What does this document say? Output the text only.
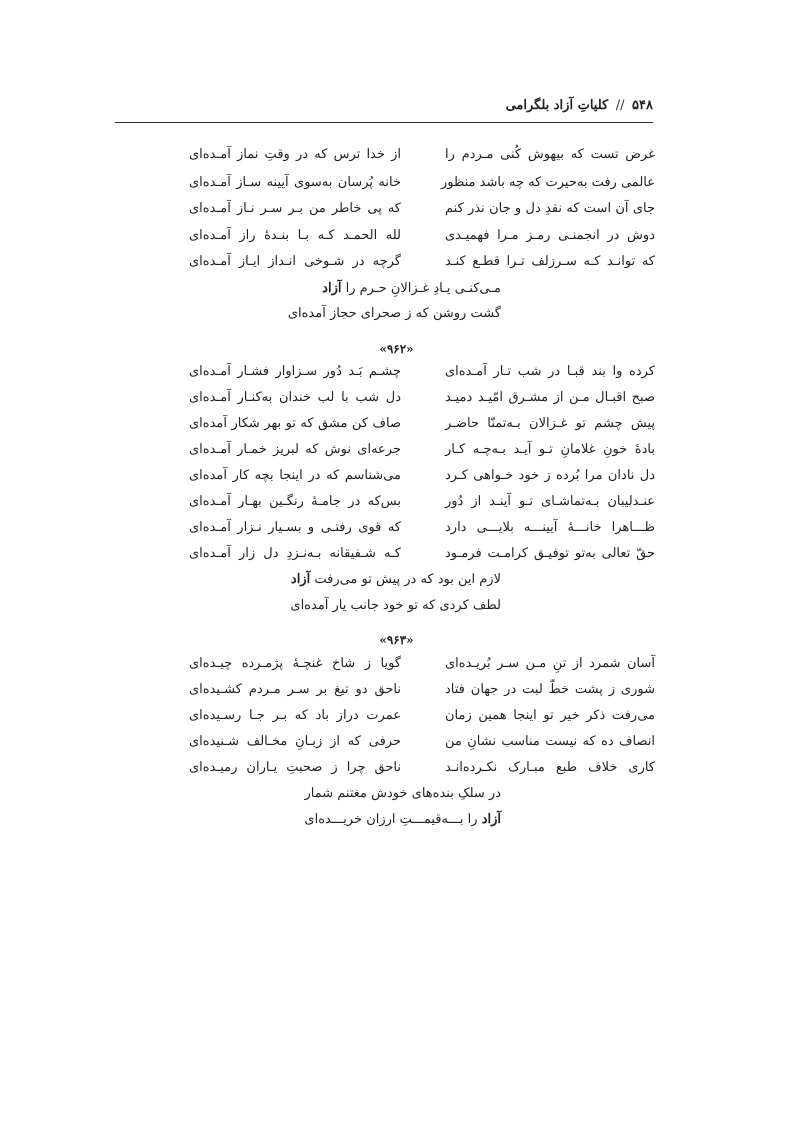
۵۴۸ // کلیاتِ آزاد بلگرامی
غرض تست که بیهوش کُنی مـردم را
از خدا ترس که در وقتِ نماز آمـده‌ای
عالمی رفت به‌حیرت که چه باشد منظور
خانه پُرسان به‌سوی آیینه سـاز آمـده‌ای
جای آن است که نقدِ دل و جان نذر کنم
که پی خاطر من بـر سـر نـاز آمـده‌ای
دوش در انجمنـی رمـز مـرا فهمیـدی
لله الحمـد کـه بـا بنـدهٔ راز آمـده‌ای
که توانـد کـه سـرزلف تـرا قطـع کنـد
گرچه در شـوخی انـداز ایـاز آمـده‌ای
مـی‌کنـی یـادِ غـزالانِ حـرم را آزاد
گشت روشن که ز صحرای حجاز آمده‌ای
«۹۶۲»
کرده وا بند قبـا در شب تـار آمـده‌ای
چشـم بَـد دُور سـزاوار فشـار آمـده‌ای
صبح اقبـال مـن از مشـرق امّیـد دمیـد
دل شب با لب خندان به‌کنـار آمـده‌ای
پیش چشم تو غـزالان بـه‌تمنّا حاضـر
صاف کن مشق که تو بهر شکار آمده‌ای
بادهٔ خونِ غلامانِ تـو آیـد بـه‌چـه کـار
جرعه‌ای نوش که لبریز خمـار آمـده‌ای
دل نادان مرا بُرده ز خود خـواهی کـرد
می‌شناسم که در اینجا بچه کار آمده‌ای
عنـدلیبان بـه‌تماشـای تـو آینـد از دُور
بس‌که در جامـهٔ رنگـین بهـار آمـده‌ای
ظـــاهرا خانـــهٔ آیینـــه بلایـــی دارد
که قوی رفتـی و بسـیار نـزار آمـده‌ای
حقّ تعالی به‌تو توفیـق کرامـت فرمـود
کـه شـفیقانه بـه‌نـزدِ دل زار آمـده‌ای
لازم این بود که در پیش تو می‌رفت آزاد
لطف کردی که تو خود جانب یار آمده‌ای
«۹۶۳»
آسان شمرد از تنِ مـن سـر بُریـده‌ای
گویا ز شاخ غنچـهٔ پژمـرده چیـده‌ای
شوری ز پشت خطّ لبت در جهان فتاد
ناحق دو تیغ بر سـر مـردم کشـیده‌ای
می‌رفت ذکر خیر تو اینجا همین زمان
عمرت دراز باد که بـر جـا رسـیده‌ای
انصاف ده که نیست مناسب نشانِ من
حرفی که از زبـانِ مخـالف شـنیده‌ای
کاری خلاف طبع مبـارک نکـرده‌انـد
ناحق چرا ز صحبتِ یـاران رمیـده‌ای
در سلکِ بنده‌های خودش مغتنم شمار
آزاد را بـــه‌قیمـــتِ ارزان خریـــده‌ای
